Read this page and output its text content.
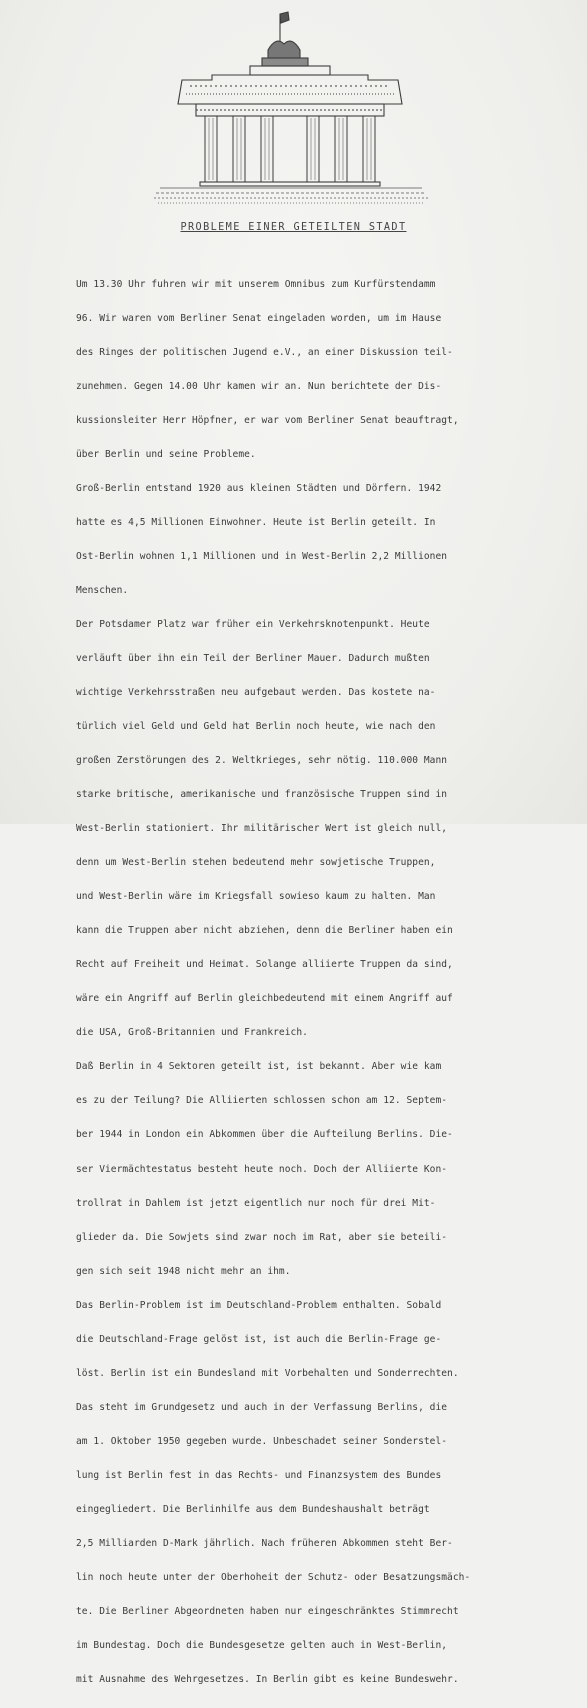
PROBLEME EINER GETEILTEN STADT

Um 13.30 Uhr fuhren wir mit unserem Omnibus zum Kurfürstendamm

96. Wir waren vom Berliner Senat eingeladen worden, um im Hause

des Ringes der politischen Jugend e.V., an einer Diskussion teil-

zunehmen. Gegen 14.00 Uhr kamen wir an. Nun berichtete der Dis-

kussionsleiter Herr Höpfner, er war vom Berliner Senat beauftragt,

über Berlin und seine Probleme.

Groß-Berlin entstand 1920 aus kleinen Städten und Dörfern. 1942

hatte es 4,5 Millionen Einwohner. Heute ist Berlin geteilt. In

Ost-Berlin wohnen 1,1 Millionen und in West-Berlin 2,2 Millionen

Menschen.

Der Potsdamer Platz war früher ein Verkehrsknotenpunkt. Heute

verläuft über ihn ein Teil der Berliner Mauer. Dadurch mußten

wichtige Verkehrsstraßen neu aufgebaut werden. Das kostete na-

türlich viel Geld und Geld hat Berlin noch heute, wie nach den

großen Zerstörungen des 2. Weltkrieges, sehr nötig. 110.000 Mann

starke britische, amerikanische und französische Truppen sind in

West-Berlin stationiert. Ihr militärischer Wert ist gleich null,

denn um West-Berlin stehen bedeutend mehr sowjetische Truppen,

und West-Berlin wäre im Kriegsfall sowieso kaum zu halten. Man

kann die Truppen aber nicht abziehen, denn die Berliner haben ein

Recht auf Freiheit und Heimat. Solange alliierte Truppen da sind,

wäre ein Angriff auf Berlin gleichbedeutend mit einem Angriff auf

die USA, Groß-Britannien und Frankreich.

Daß Berlin in 4 Sektoren geteilt ist, ist bekannt. Aber wie kam

es zu der Teilung? Die Alliierten schlossen schon am 12. Septem-

ber 1944 in London ein Abkommen über die Aufteilung Berlins. Die-

ser Viermächtestatus besteht heute noch. Doch der Alliierte Kon-

trollrat in Dahlem ist jetzt eigentlich nur noch für drei Mit-

glieder da. Die Sowjets sind zwar noch im Rat, aber sie beteili-

gen sich seit 1948 nicht mehr an ihm.

Das Berlin-Problem ist im Deutschland-Problem enthalten. Sobald

die Deutschland-Frage gelöst ist, ist auch die Berlin-Frage ge-

löst. Berlin ist ein Bundesland mit Vorbehalten und Sonderrechten.

Das steht im Grundgesetz und auch in der Verfassung Berlins, die

am 1. Oktober 1950 gegeben wurde. Unbeschadet seiner Sonderstel-

lung ist Berlin fest in das Rechts- und Finanzsystem des Bundes

eingegliedert. Die Berlinhilfe aus dem Bundeshaushalt beträgt

2,5 Milliarden D-Mark jährlich. Nach früheren Abkommen steht Ber-

lin noch heute unter der Oberhoheit der Schutz- oder Besatzungsmäch-

te. Die Berliner Abgeordneten haben nur eingeschränktes Stimmrecht

im Bundestag. Doch die Bundesgesetze gelten auch in West-Berlin,

mit Ausnahme des Wehrgesetzes. In Berlin gibt es keine Bundeswehr.
